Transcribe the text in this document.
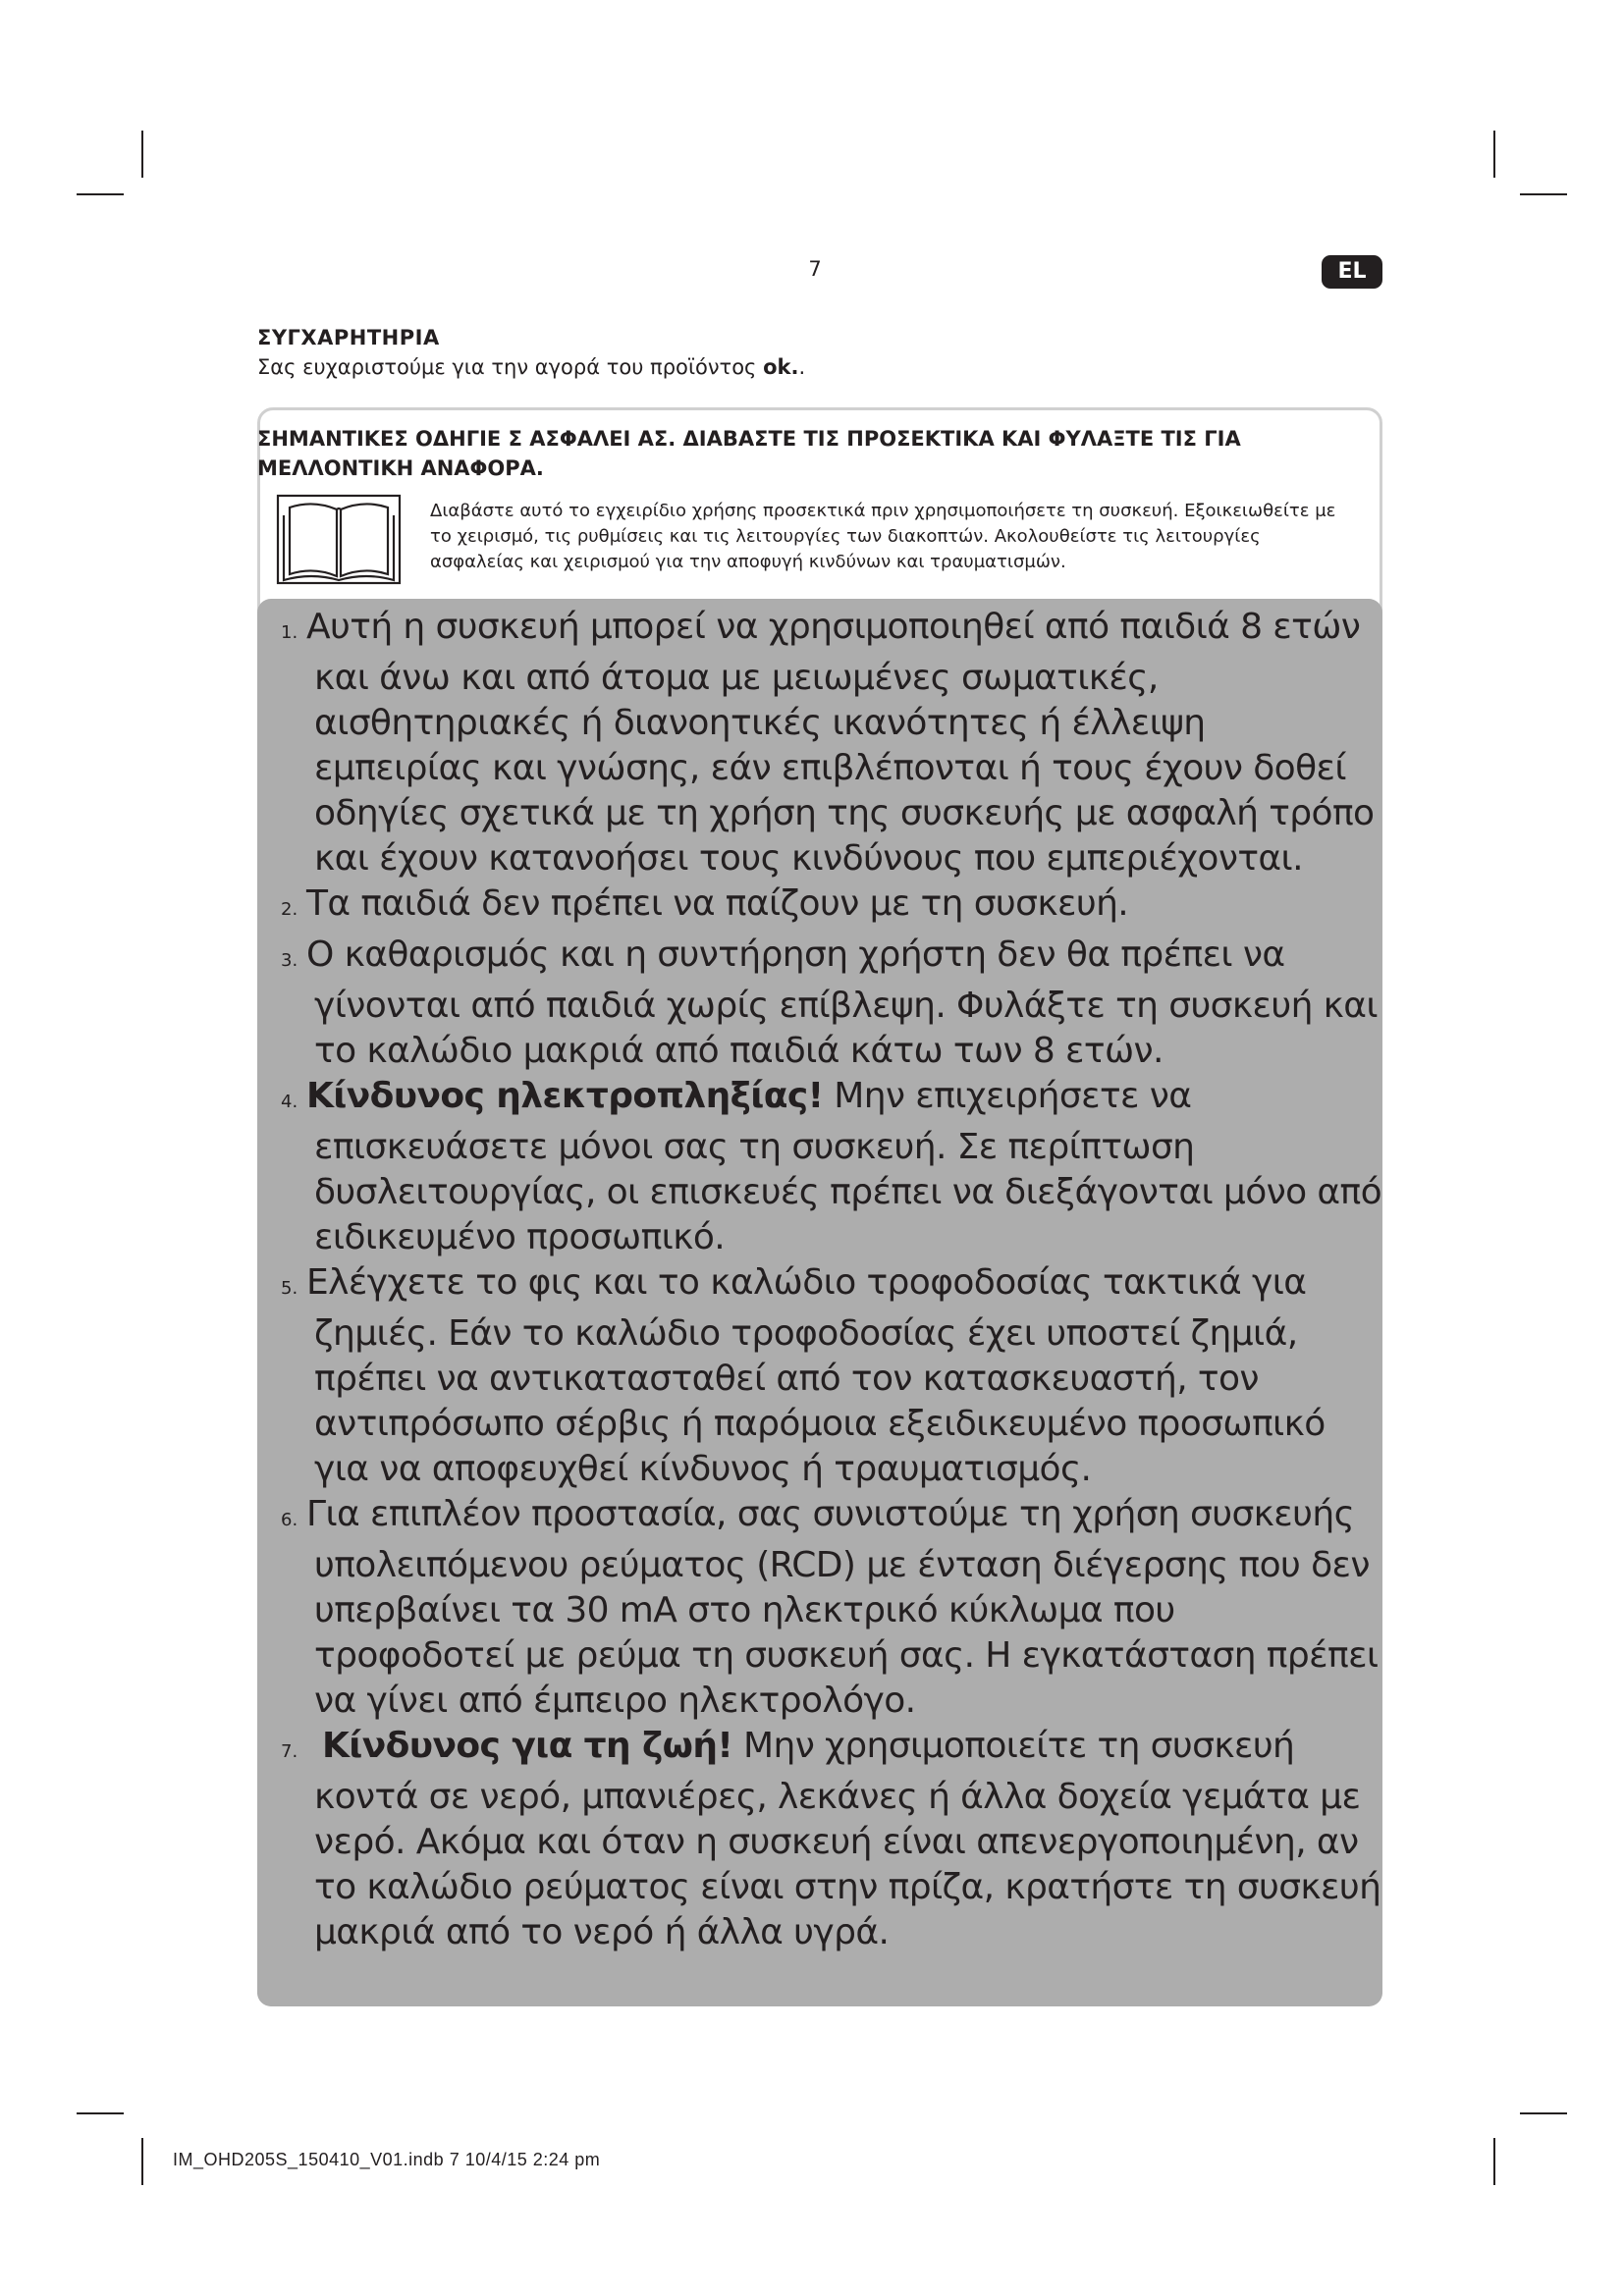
7	EL
ΣΥΓΧΑΡΗΤΗΡΙΑ

Σας ευχαριστούμε για την αγορά του προϊόντος ok..

ΣΗΜΑΝΤΙΚΕΣ ΟΔΗΓΙΕ Σ ΑΣΦΑΛΕΙ ΑΣ. ΔΙΑΒΑΣΤΕ ΤΙΣ ΠΡΟΣΕΚΤΙΚΑ ΚΑΙ ΦΥΛΑΞΤΕ ΤΙΣ ΓΙΑ ΜΕΛΛΟΝΤΙΚΗ ΑΝΑΦΟΡΑ.

Διαβάστε αυτό το εγχειρίδιο χρήσης προσεκτικά πριν χρησιμοποιήσετε τη συσκευή. Εξοικειωθείτε με το χειρισμό, τις ρυθμίσεις και τις λειτουργίες των διακοπτών. Ακολουθείστε τις λειτουργίες ασφαλείας και χειρισμού για την αποφυγή κινδύνων και τραυματισμών.

1. Αυτή η συσκευή μπορεί να χρησιμοποιηθεί από παιδιά 8 ετών και άνω και από άτομα με μειωμένες σωματικές, αισθητηριακές ή διανοητικές ικανότητες ή έλλειψη εμπειρίας και γνώσης, εάν επιβλέπονται ή τους έχουν δοθεί οδηγίες σχετικά με τη χρήση της συσκευής με ασφαλή τρόπο και έχουν κατανοήσει τους κινδύνους που εμπεριέχονται.
2. Τα παιδιά δεν πρέπει να παίζουν με τη συσκευή.
3. Ο καθαρισμός και η συντήρηση χρήστη δεν θα πρέπει να γίνονται από παιδιά χωρίς επίβλεψη. Φυλάξτε τη συσκευή και το καλώδιο μακριά από παιδιά κάτω των 8 ετών.
4. Κίνδυνος ηλεκτροπληξίας! Μην επιχειρήσετε να επισκευάσετε μόνοι σας τη συσκευή. Σε περίπτωση δυσλειτουργίας, οι επισκευές πρέπει να διεξάγονται μόνο από ειδικευμένο προσωπικό.
5. Ελέγχετε το φις και το καλώδιο τροφοδοσίας τακτικά για ζημιές. Εάν το καλώδιο τροφοδοσίας έχει υποστεί ζημιά, πρέπει να αντικατασταθεί από τον κατασκευαστή, τον αντιπρόσωπο σέρβις ή παρόμοια εξειδικευμένο προσωπικό για να αποφευχθεί κίνδυνος ή τραυματισμός.
6. Για επιπλέον προστασία, σας συνιστούμε τη χρήση συσκευής υπολειπόμενου ρεύματος (RCD) με ένταση διέγερσης που δεν υπερβαίνει τα 30 mA στο ηλεκτρικό κύκλωμα που τροφοδοτεί με ρεύμα τη συσκευή σας. Η εγκατάσταση πρέπει να γίνει από έμπειρο ηλεκτρολόγο.
7. Κίνδυνος για τη ζωή! Μην χρησιμοποιείτε τη συσκευή κοντά σε νερό, μπανιέρες, λεκάνες ή άλλα δοχεία γεμάτα με νερό. Ακόμα και όταν η συσκευή είναι απενεργοποιημένη, αν το καλώδιο ρεύματος είναι στην πρίζα, κρατήστε τη συσκευή μακριά από το νερό ή άλλα υγρά.
IM_OHD205S_150410_V01.indb 7 10/4/15 2:24 pm
